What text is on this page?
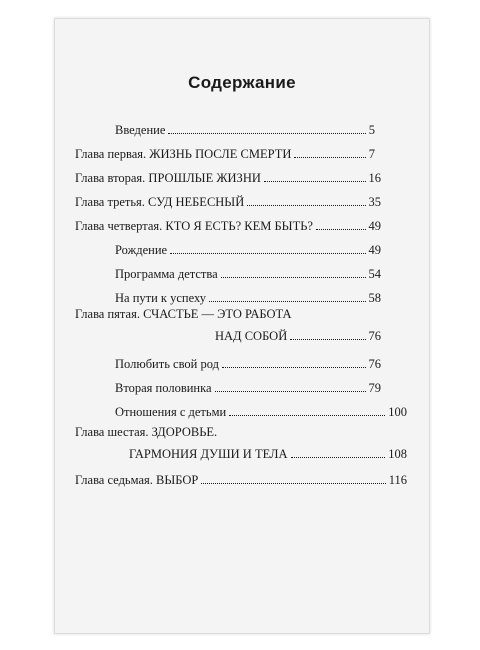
Содержание
Введение	5
Глава первая. ЖИЗНЬ ПОСЛЕ СМЕРТИ	7
Глава вторая. ПРОШЛЫЕ ЖИЗНИ	16
Глава третья. СУД НЕБЕСНЫЙ	35
Глава четвертая. КТО Я ЕСТЬ? КЕМ БЫТЬ?	49
Рождение	49
Программа детства	54
На пути к успеху	58
Глава пятая. СЧАСТЬЕ — ЭТО РАБОТА
НАД СОБОЙ	76
Полюбить свой род	76
Вторая половинка	79
Отношения с детьми	100
Глава шестая. ЗДОРОВЬЕ.
ГАРМОНИЯ ДУШИ И ТЕЛА	108
Глава седьмая. ВЫБОР	116
